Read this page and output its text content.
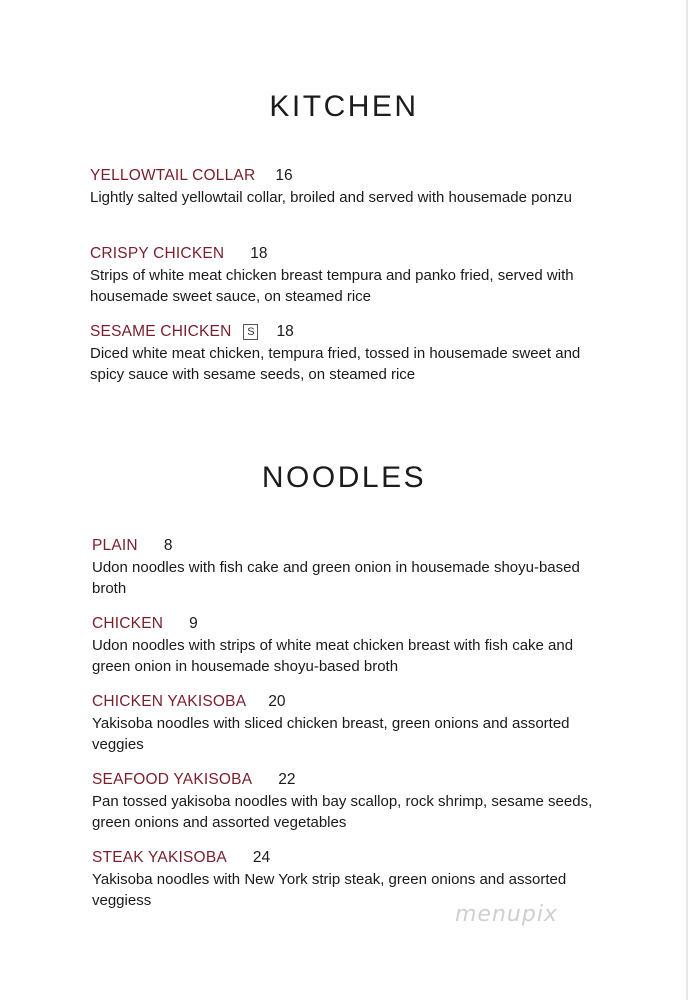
KITCHEN
YELLOWTAIL COLLAR 16
Lightly salted yellowtail collar, broiled and served with housemade ponzu
CRISPY CHICKEN 18
Strips of white meat chicken breast tempura and panko fried, served with housemade sweet sauce, on steamed rice
SESAME CHICKEN S 18
Diced white meat chicken, tempura fried, tossed in housemade sweet and spicy sauce with sesame seeds, on steamed rice
NOODLES
PLAIN 8
Udon noodles with fish cake and green onion in housemade shoyu-based broth
CHICKEN 9
Udon noodles with strips of white meat chicken breast with fish cake and green onion in housemade shoyu-based broth
CHICKEN YAKISOBA 20
Yakisoba noodles with sliced chicken breast, green onions and assorted veggies
SEAFOOD YAKISOBA 22
Pan tossed yakisoba noodles with bay scallop, rock shrimp, sesame seeds, green onions and assorted vegetables
STEAK YAKISOBA 24
Yakisoba noodles with New York strip steak, green onions and assorted veggiess
menupix
